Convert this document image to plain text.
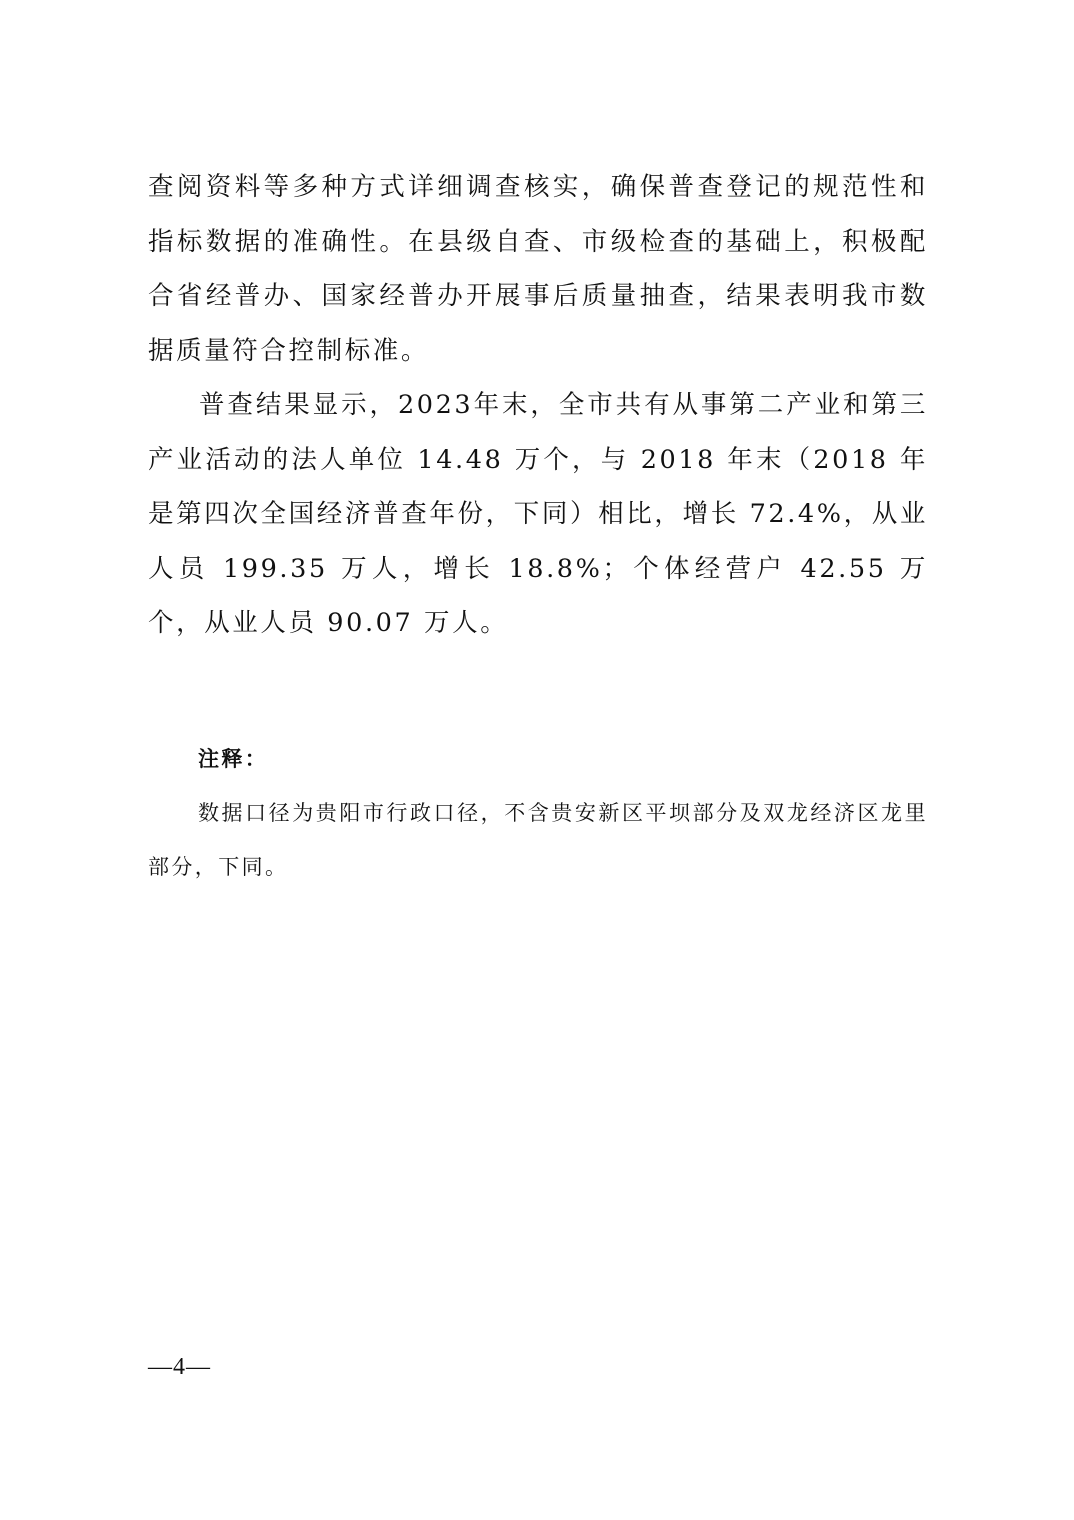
查阅资料等多种方式详细调查核实，确保普查登记的规范性和指标数据的准确性。在县级自查、市级检查的基础上，积极配合省经普办、国家经普办开展事后质量抽查，结果表明我市数据质量符合控制标准。

普查结果显示，2023年末，全市共有从事第二产业和第三产业活动的法人单位 14.48 万个，与 2018 年末（2018 年是第四次全国经济普查年份，下同）相比，增长 72.4%，从业人员 199.35 万人，增长 18.8%；个体经营户 42.55 万个，从业人员 90.07 万人。

注释：

数据口径为贵阳市行政口径，不含贵安新区平坝部分及双龙经济区龙里部分，下同。

—4—
